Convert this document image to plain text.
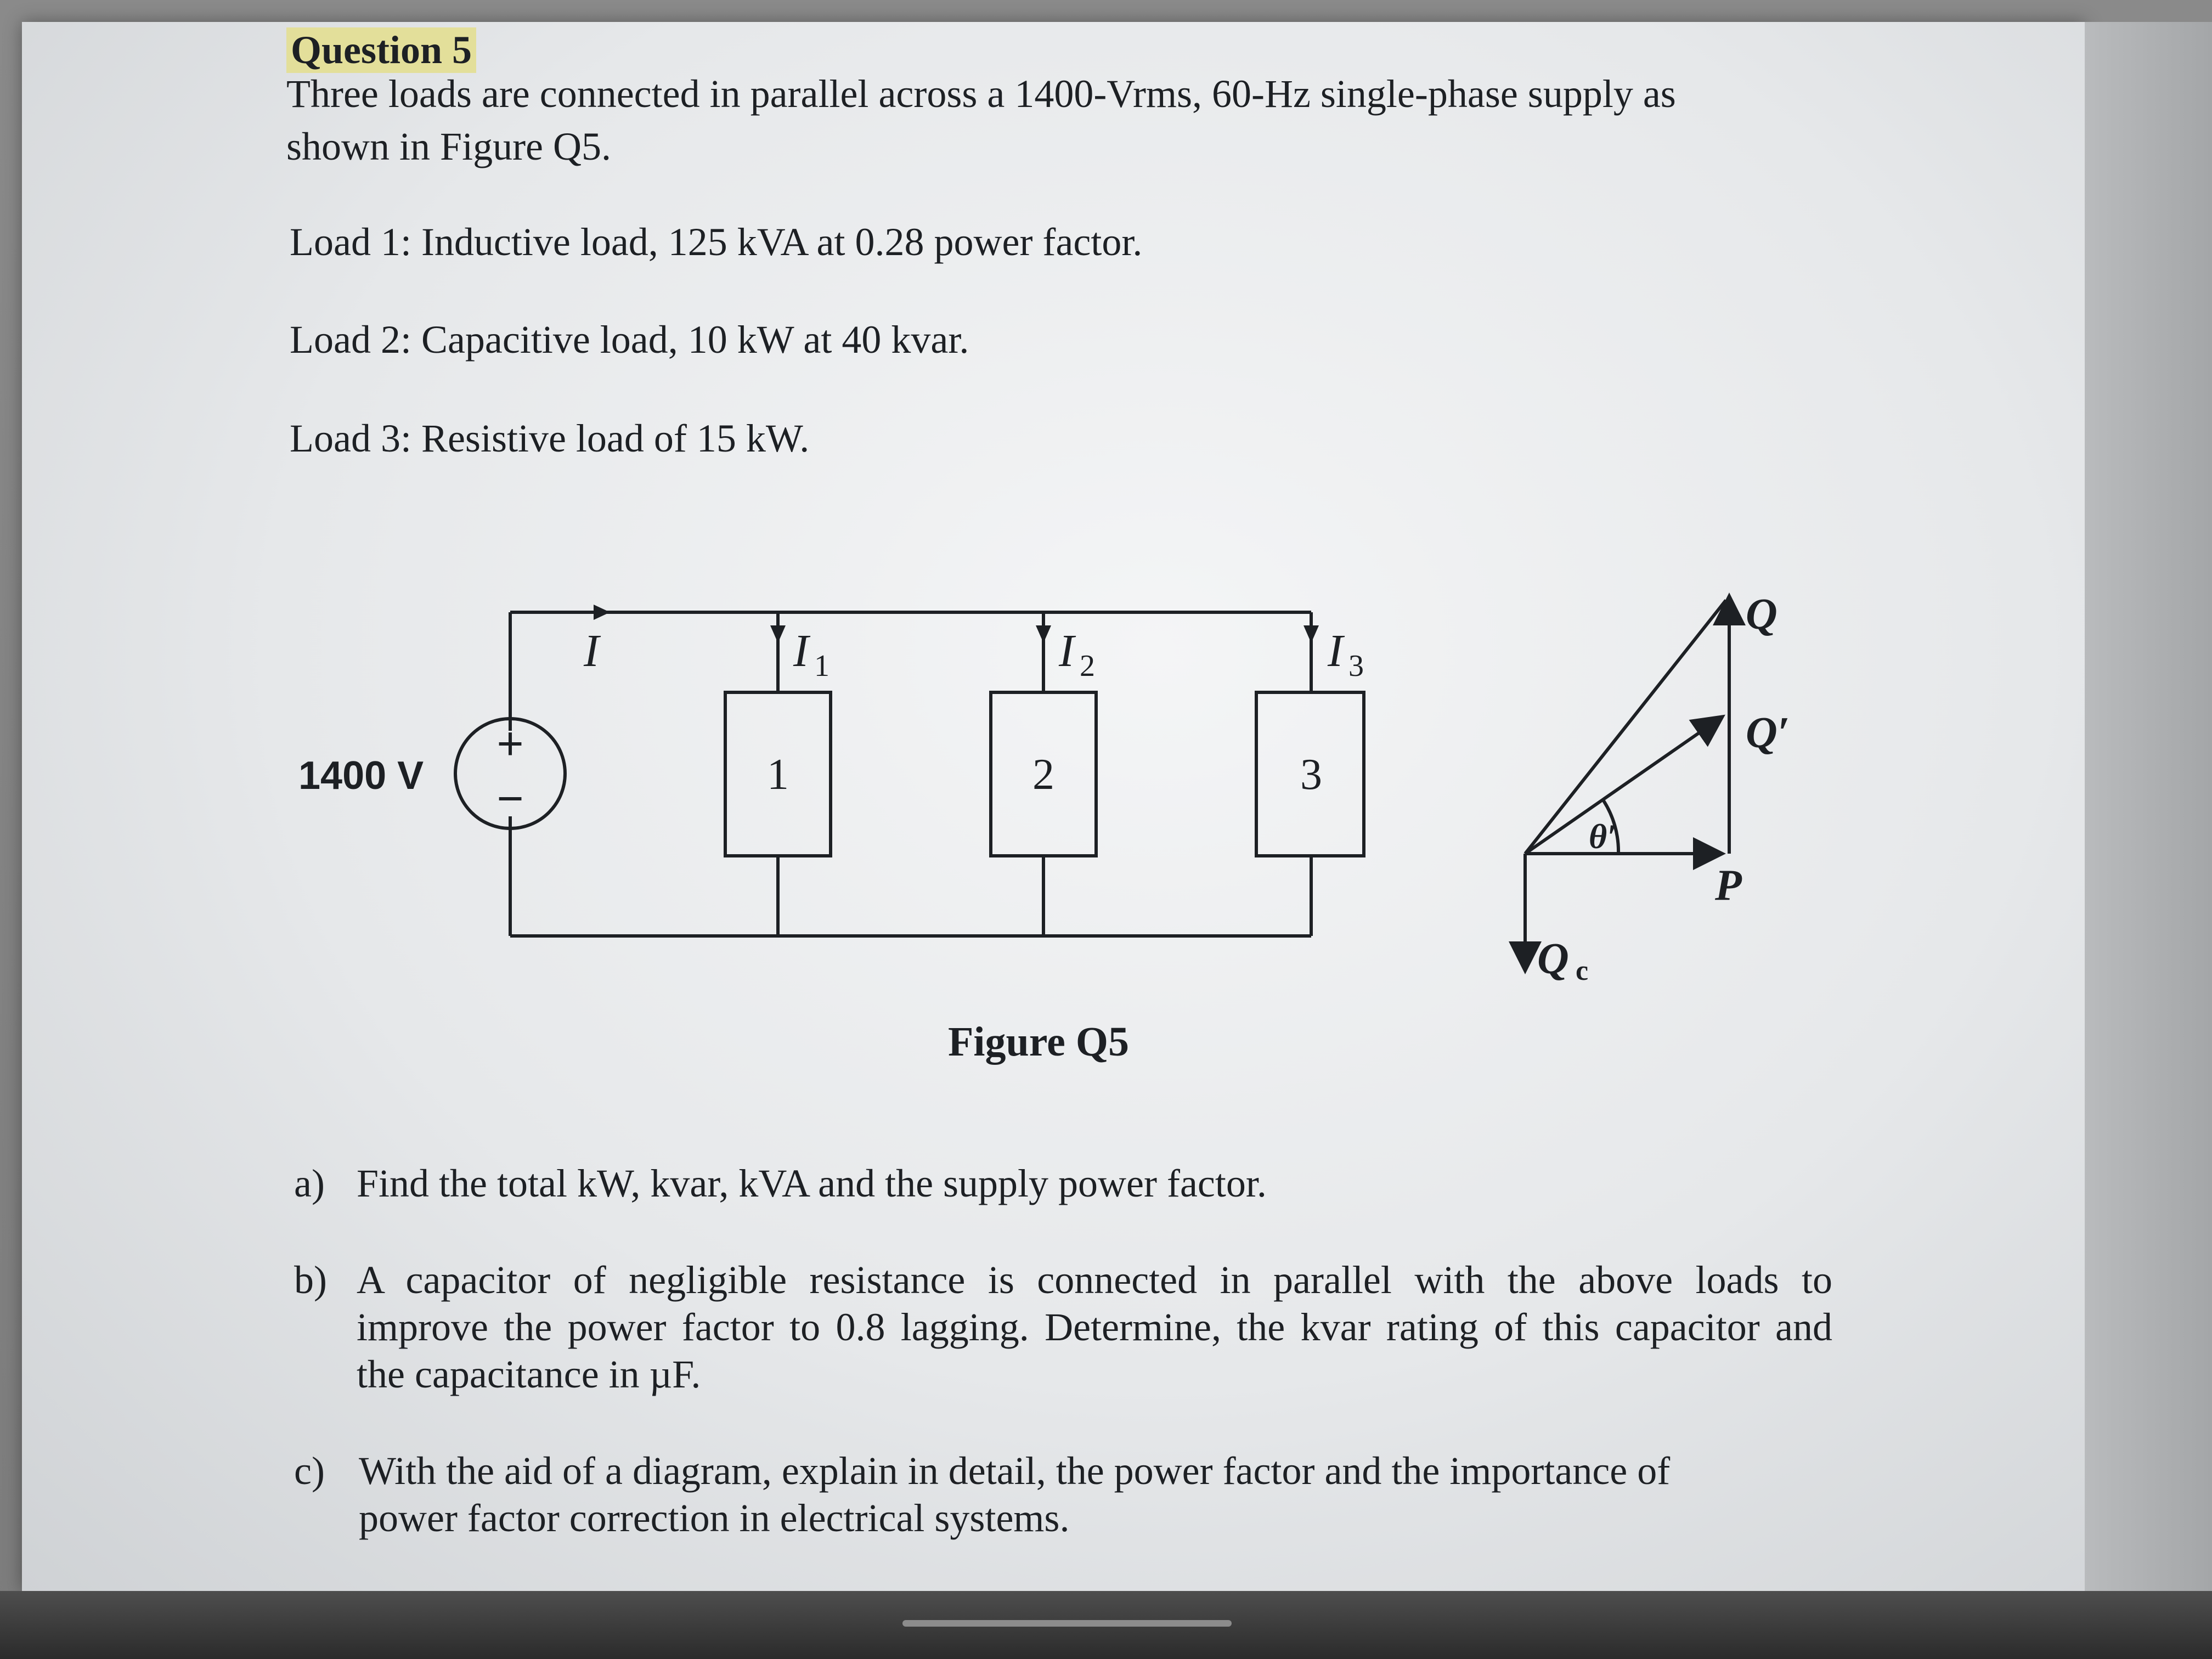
Question 5
Three loads are connected in parallel across a 1400-Vrms, 60-Hz single-phase supply as
shown in Figure Q5.
Load 1: Inductive load, 125 kVA at 0.28 power factor.
Load 2: Capacitive load, 10 kW at 40 kvar.
Load 3: Resistive load of 15 kW.
+
−
1400 V
I	I 1	I 2	I 3
1	2	3
Q
Q′
θ′
P
Q c
Figure Q5
a) Find the total kW, kvar, kVA and the supply power factor.
b) A capacitor of negligible resistance is connected in parallel with the above loads to
improve the power factor to 0.8 lagging. Determine, the kvar rating of this capacitor and
the capacitance in µF.
c) With the aid of a diagram, explain in detail, the power factor and the importance of
power factor correction in electrical systems.
